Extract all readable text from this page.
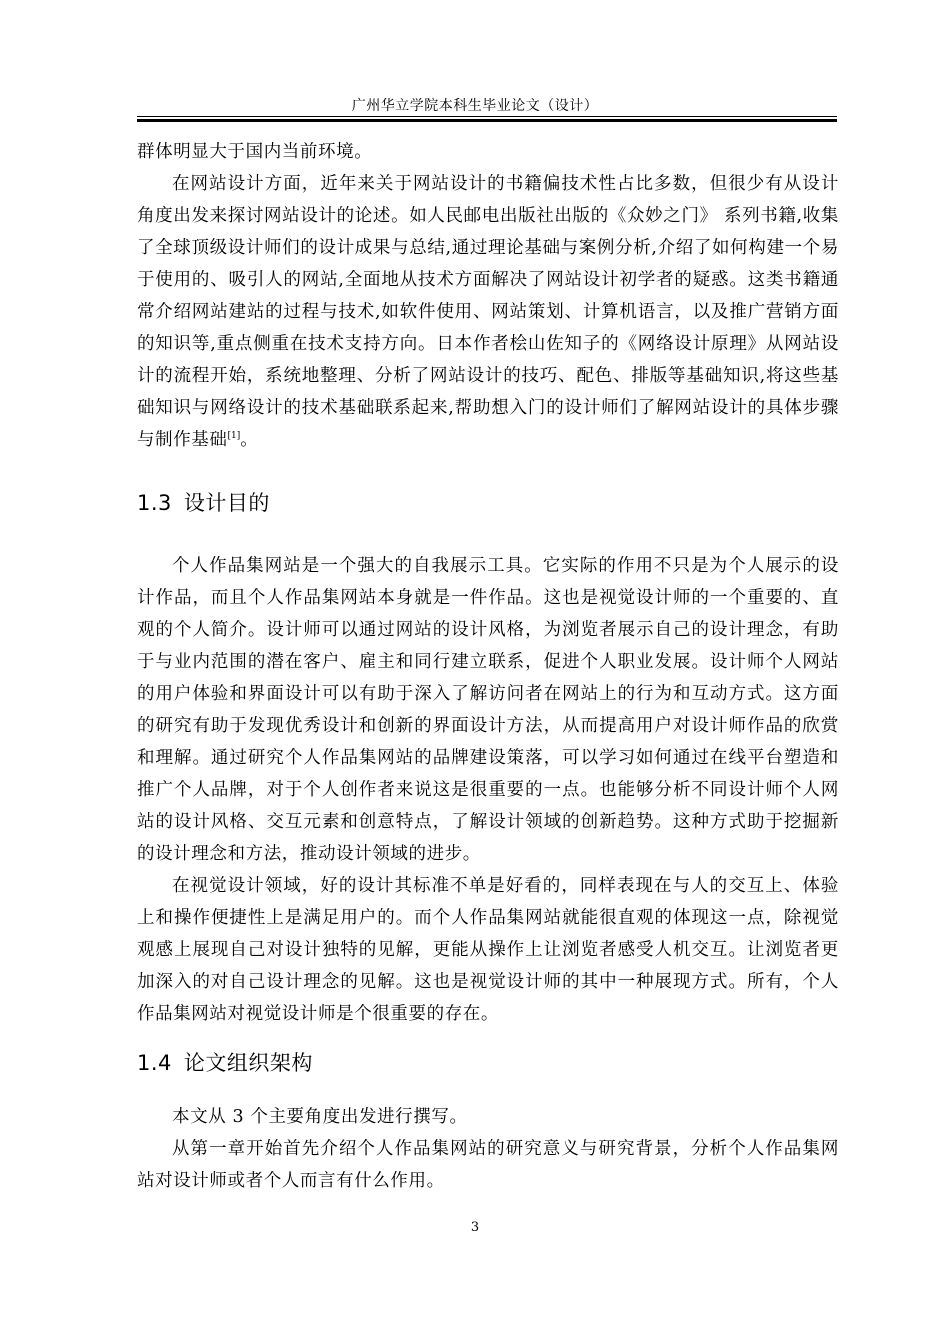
广州华立学院本科生毕业论文（设计）

群体明显大于国内当前环境。

在网站设计方面，近年来关于网站设计的书籍偏技术性占比多数，但很少有从设计角度出发来探讨网站设计的论述。如人民邮电出版社出版的《众妙之门》 系列书籍,收集了全球顶级设计师们的设计成果与总结,通过理论基础与案例分析,介绍了如何构建一个易于使用的、吸引人的网站,全面地从技术方面解决了网站设计初学者的疑惑。这类书籍通常介绍网站建站的过程与技术,如软件使用、网站策划、计算机语言，以及推广营销方面的知识等,重点侧重在技术支持方向。日本作者桧山佐知子的《网络设计原理》从网站设计的流程开始，系统地整理、分析了网站设计的技巧、配色、排版等基础知识,将这些基础知识与网络设计的技术基础联系起来,帮助想入门的设计师们了解网站设计的具体步骤与制作基础[1]。

1.3 设计目的

个人作品集网站是一个强大的自我展示工具。它实际的作用不只是为个人展示的设计作品，而且个人作品集网站本身就是一件作品。这也是视觉设计师的一个重要的、直观的个人简介。设计师可以通过网站的设计风格，为浏览者展示自己的设计理念，有助于与业内范围的潜在客户、雇主和同行建立联系，促进个人职业发展。设计师个人网站的用户体验和界面设计可以有助于深入了解访问者在网站上的行为和互动方式。这方面的研究有助于发现优秀设计和创新的界面设计方法，从而提高用户对设计师作品的欣赏和理解。通过研究个人作品集网站的品牌建设策落，可以学习如何通过在线平台塑造和推广个人品牌，对于个人创作者来说这是很重要的一点。也能够分析不同设计师个人网站的设计风格、交互元素和创意特点，了解设计领域的创新趋势。这种方式助于挖掘新的设计理念和方法，推动设计领域的进步。

在视觉设计领域，好的设计其标准不单是好看的，同样表现在与人的交互上、体验上和操作便捷性上是满足用户的。而个人作品集网站就能很直观的体现这一点，除视觉观感上展现自己对设计独特的见解，更能从操作上让浏览者感受人机交互。让浏览者更加深入的对自己设计理念的见解。这也是视觉设计师的其中一种展现方式。所有，个人作品集网站对视觉设计师是个很重要的存在。

1.4 论文组织架构

本文从 3 个主要角度出发进行撰写。

从第一章开始首先介绍个人作品集网站的研究意义与研究背景，分析个人作品集网站对设计师或者个人而言有什么作用。

3
